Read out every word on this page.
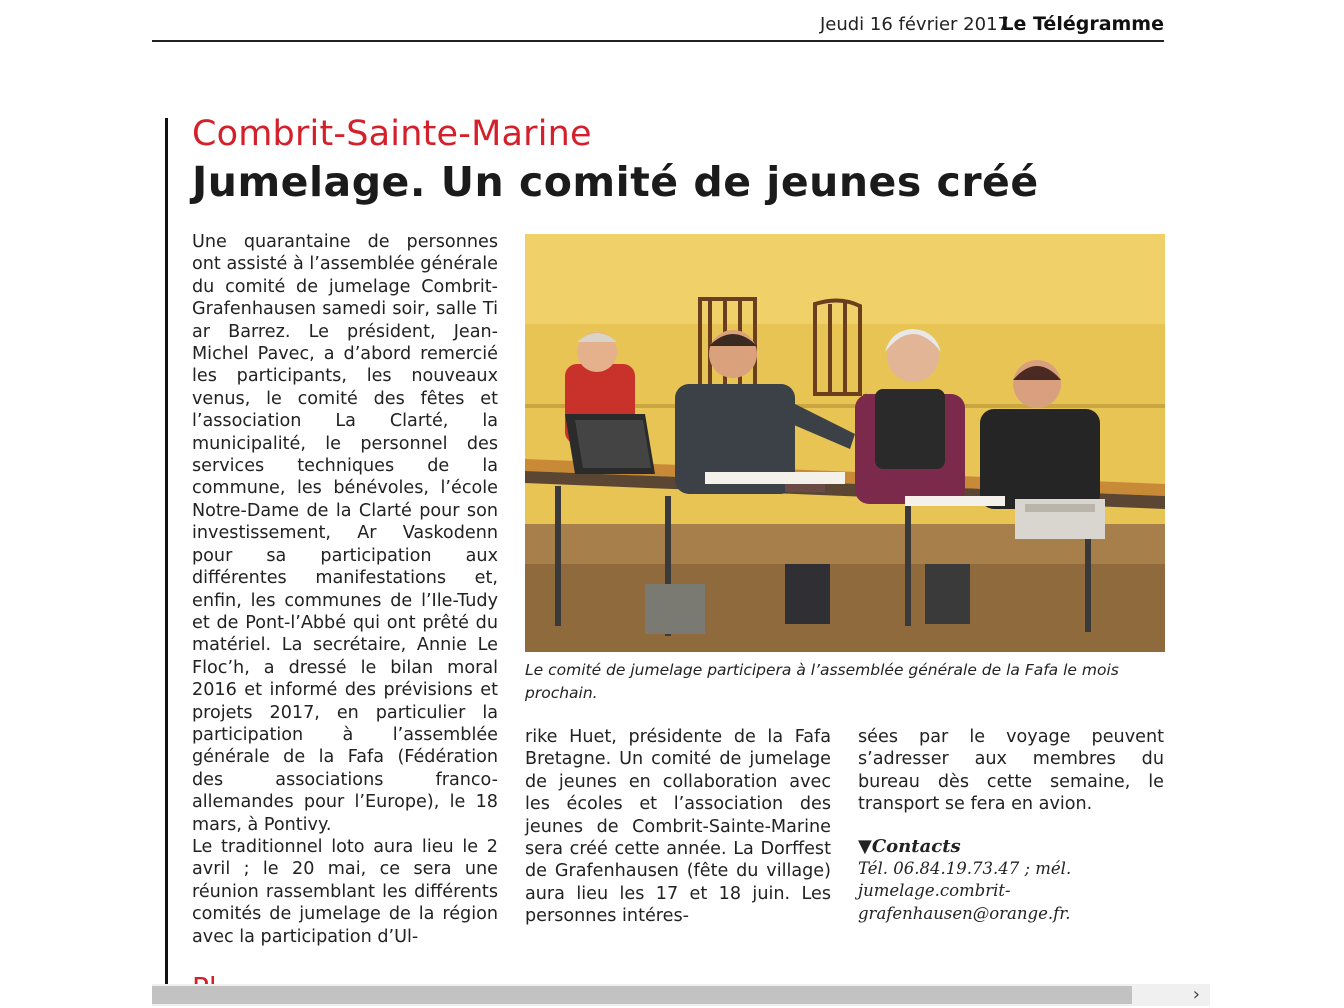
Jeudi 16 février 2017
Le Télégramme
Combrit-Sainte-Marine
Jumelage. Un comité de jeunes créé

Une quarantaine de personnes ont assisté à l’assemblée générale du comité de jumelage Combrit-Grafenhausen samedi soir, salle Ti ar Barrez. Le président, Jean-Michel Pavec, a d’abord remercié les participants, les nouveaux venus, le comité des fêtes et l’association La Clarté, la municipalité, le personnel des services techniques de la commune, les bénévoles, l’école Notre-Dame de la Clarté pour son investissement, Ar Vaskodenn pour sa participation aux différentes manifestations et, enfin, les communes de l’Ile-Tudy et de Pont-l’Abbé qui ont prêté du matériel. La secrétaire, Annie Le Floc’h, a dressé le bilan moral 2016 et informé des prévisions et projets 2017, en particulier la participation à l’assemblée générale de la Fafa (Fédération des associations franco-allemandes pour l’Europe), le 18 mars, à Pontivy.

Le traditionnel loto aura lieu le 2 avril ; le 20 mai, ce sera une réunion rassemblant les différents comités de jumelage de la région avec la participation d’Ul-

Le comité de jumelage participera à l’assemblée générale de la Fafa le mois prochain.

rike Huet, présidente de la Fafa Bretagne. Un comité de jumelage de jeunes en collaboration avec les écoles et l’association des jeunes de Combrit-Sainte-Marine sera créé cette année. La Dorffest de Grafenhausen (fête du village) aura lieu les 17 et 18 juin. Les personnes intéres-

sées par le voyage peuvent s’adresser aux membres du bureau dès cette semaine, le transport se fera en avion.

▼Contacts

Tél. 06.84.19.73.47 ; mél. jumelage.combrit-grafenhausen@orange.fr.

›
